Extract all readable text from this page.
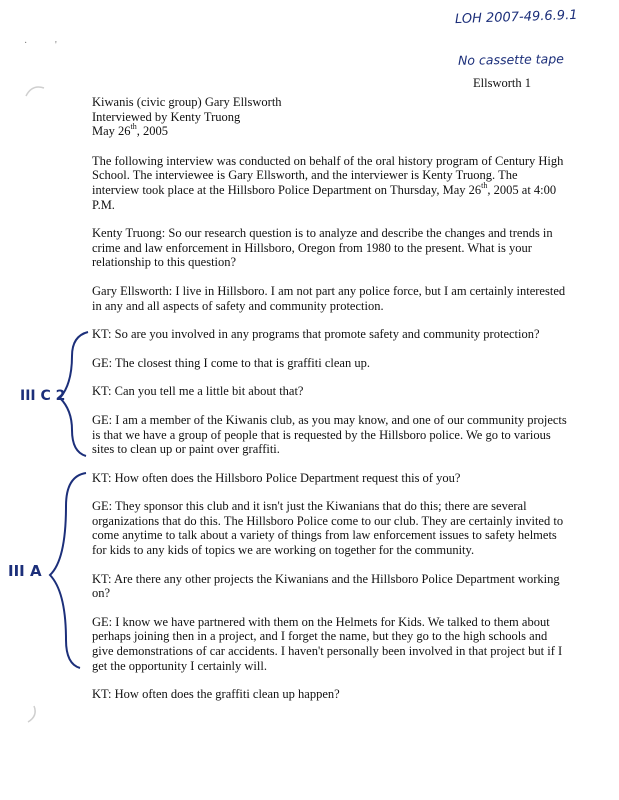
LOH 2007-49.6.9.1
No cassette tape
Ellsworth 1
·	'
III C 2
III A
Kiwanis (civic group) Gary Ellsworth
Interviewed by Kenty Truong
May 26th, 2005

The following interview was conducted on behalf of the oral history program of Century High School. The interviewee is Gary Ellsworth, and the interviewer is Kenty Truong. The interview took place at the Hillsboro Police Department on Thursday, May 26th, 2005 at 4:00 P.M.

Kenty Truong: So our research question is to analyze and describe the changes and trends in crime and law enforcement in Hillsboro, Oregon from 1980 to the present. What is your relationship to this question?

Gary Ellsworth: I live in Hillsboro. I am not part any police force, but I am certainly interested in any and all aspects of safety and community protection.

KT: So are you involved in any programs that promote safety and community protection?

GE: The closest thing I come to that is graffiti clean up.

KT: Can you tell me a little bit about that?

GE: I am a member of the Kiwanis club, as you may know, and one of our community projects is that we have a group of people that is requested by the Hillsboro police. We go to various sites to clean up or paint over graffiti.

KT: How often does the Hillsboro Police Department request this of you?

GE: They sponsor this club and it isn't just the Kiwanians that do this; there are several organizations that do this. The Hillsboro Police come to our club. They are certainly invited to come anytime to talk about a variety of things from law enforcement issues to safety helmets for kids to any kids of topics we are working on together for the community.

KT: Are there any other projects the Kiwanians and the Hillsboro Police Department working on?

GE: I know we have partnered with them on the Helmets for Kids. We talked to them about perhaps joining then in a project, and I forget the name, but they go to the high schools and give demonstrations of car accidents. I haven't personally been involved in that project but if I get the opportunity I certainly will.

KT: How often does the graffiti clean up happen?
